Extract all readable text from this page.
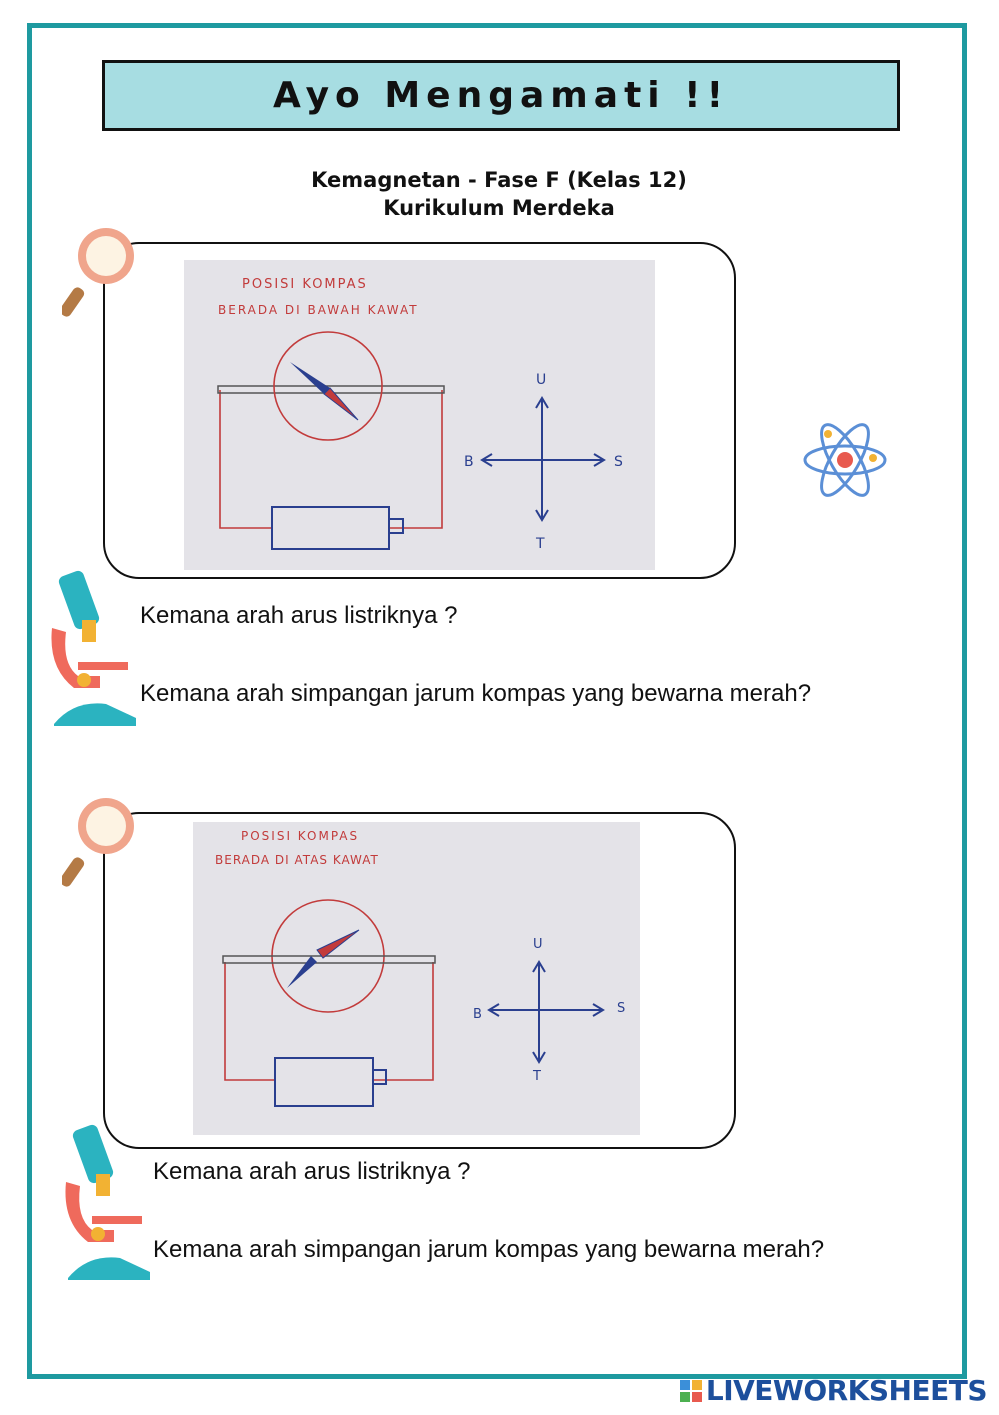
Ayo Mengamati !!
Kemagnetan - Fase F (Kelas 12)
Kurikulum Merdeka
POSISI KOMPAS
BERADA DI BAWAH KAWAT
U
T
B	S
Kemana arah arus listriknya ?
Kemana arah simpangan jarum kompas yang bewarna merah?
POSISI KOMPAS
BERADA DI ATAS KAWAT
U
T
B	S
Kemana arah arus listriknya ?
Kemana arah simpangan jarum kompas yang bewarna merah?
LIVEWORKSHEETS
